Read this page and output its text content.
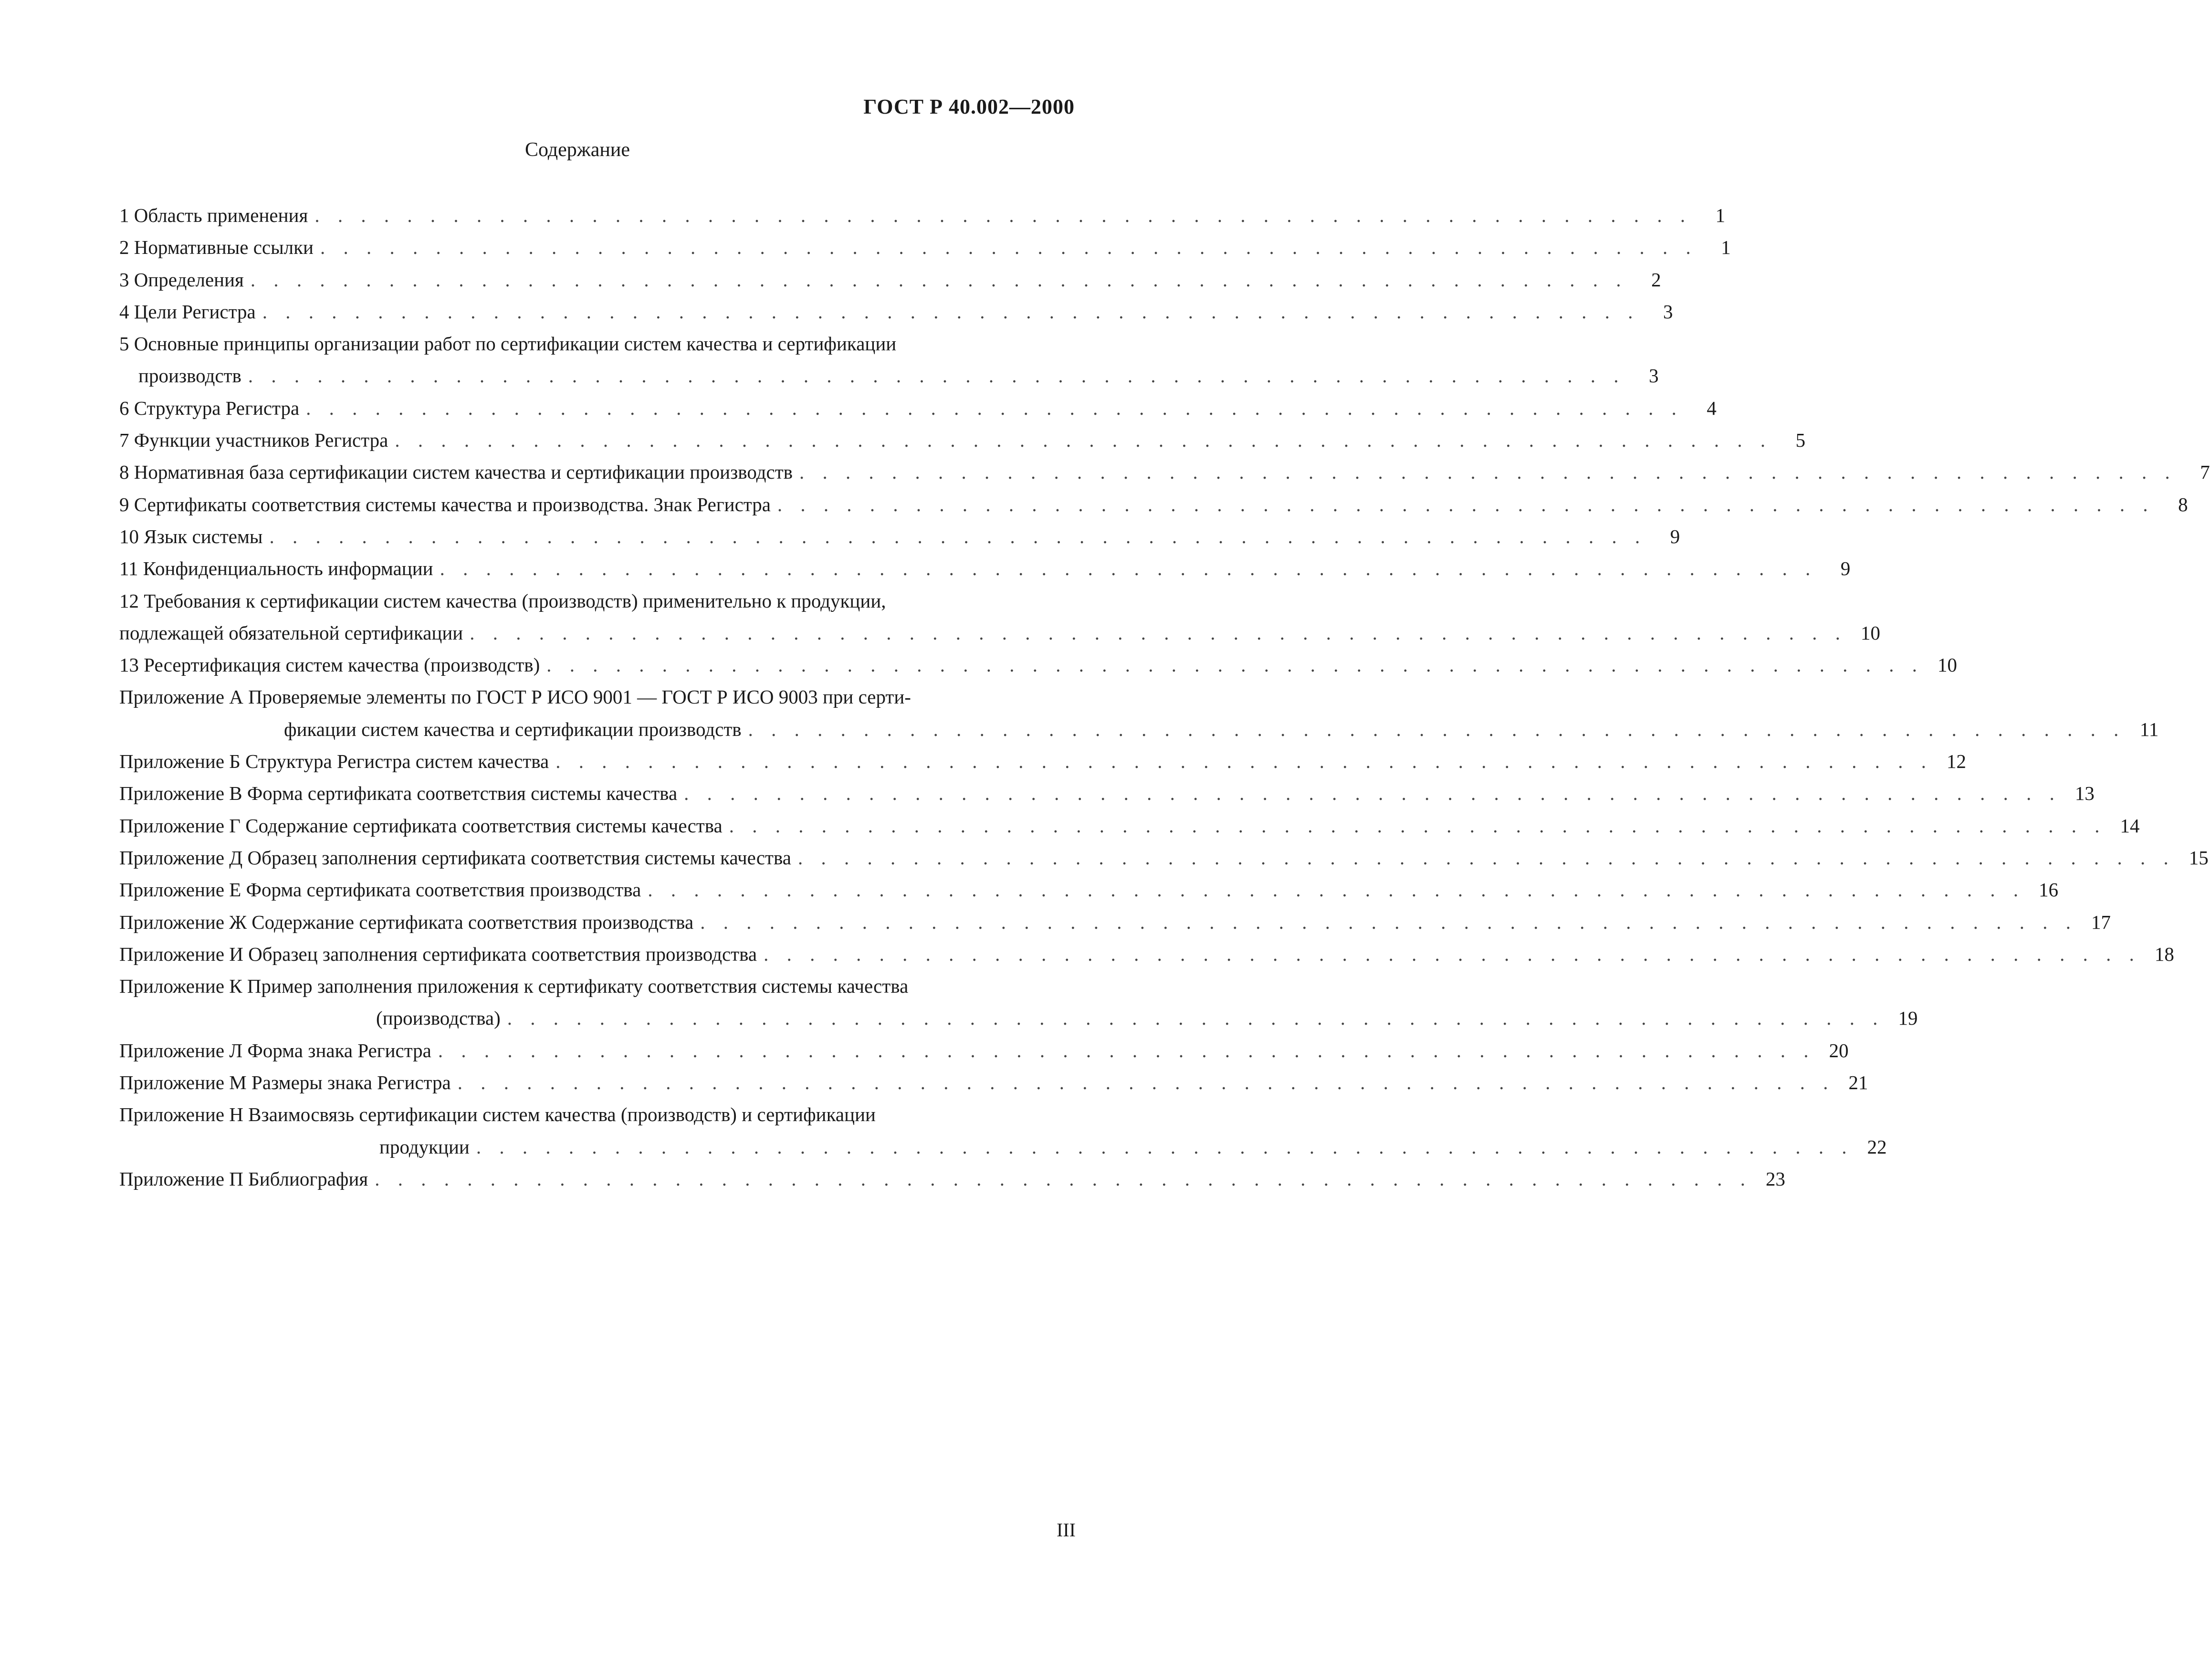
ГОСТ Р 40.002—2000
Содержание
1 Область применения . . . . . . . . . . . . . . . . . . . . . . . . . . . . . . . . . . . . . . . . . . . . . . . . . . . . . . . . . . . .	1
2 Нормативные ссылки . . . . . . . . . . . . . . . . . . . . . . . . . . . . . . . . . . . . . . . . . . . . . . . . . . . . . . . . . . . .	1
3 Определения . . . . . . . . . . . . . . . . . . . . . . . . . . . . . . . . . . . . . . . . . . . . . . . . . . . . . . . . . . . .	2
4 Цели Регистра . . . . . . . . . . . . . . . . . . . . . . . . . . . . . . . . . . . . . . . . . . . . . . . . . . . . . . . . . . . .	3
5 Основные принципы организации работ по сертификации систем качества и сертификации
производств . . . . . . . . . . . . . . . . . . . . . . . . . . . . . . . . . . . . . . . . . . . . . . . . . . . . . . . . . . . .	3
6 Структура Регистра . . . . . . . . . . . . . . . . . . . . . . . . . . . . . . . . . . . . . . . . . . . . . . . . . . . . . . . . . . . .	4
7 Функции участников Регистра . . . . . . . . . . . . . . . . . . . . . . . . . . . . . . . . . . . . . . . . . . . . . . . . . . . . . . . . . . . .	5
8 Нормативная база сертификации систем качества и сертификации производств . . . . . . . . . . . . . . . . . . . . . . . . . . . . . . . . . . . . . . . . . . . . . . . . . . . . . . . . . . . .	7
9 Сертификаты соответствия системы качества и производства. Знак Регистра . . . . . . . . . . . . . . . . . . . . . . . . . . . . . . . . . . . . . . . . . . . . . . . . . . . . . . . . . . . .	8
10 Язык системы . . . . . . . . . . . . . . . . . . . . . . . . . . . . . . . . . . . . . . . . . . . . . . . . . . . . . . . . . . . .	9
11 Конфиденциальность информации . . . . . . . . . . . . . . . . . . . . . . . . . . . . . . . . . . . . . . . . . . . . . . . . . . . . . . . . . . . .	9
12 Требования к сертификации систем качества (производств) применительно к продукции,
подлежащей обязательной сертификации . . . . . . . . . . . . . . . . . . . . . . . . . . . . . . . . . . . . . . . . . . . . . . . . . . . . . . . . . . . . 10
13 Ресертификация систем качества (производств) . . . . . . . . . . . . . . . . . . . . . . . . . . . . . . . . . . . . . . . . . . . . . . . . . . . . . . . . . . . . 10
Приложение А Проверяемые элементы по ГОСТ Р ИСО 9001 — ГОСТ Р ИСО 9003 при серти-
фикации систем качества и сертификации производств . . . . . . . . . . . . . . . . . . . . . . . . . . . . . . . . . . . . . . . . . . . . . . . . . . . . . . . . . . . . 11
Приложение Б Структура Регистра систем качества . . . . . . . . . . . . . . . . . . . . . . . . . . . . . . . . . . . . . . . . . . . . . . . . . . . . . . . . . . . . 12
Приложение В Форма сертификата соответствия системы качества . . . . . . . . . . . . . . . . . . . . . . . . . . . . . . . . . . . . . . . . . . . . . . . . . . . . . . . . . . . . 13
Приложение Г Содержание сертификата соответствия системы качества . . . . . . . . . . . . . . . . . . . . . . . . . . . . . . . . . . . . . . . . . . . . . . . . . . . . . . . . . . . . 14
Приложение Д Образец заполнения сертификата соответствия системы качества . . . . . . . . . . . . . . . . . . . . . . . . . . . . . . . . . . . . . . . . . . . . . . . . . . . . . . . . . . . . 15
Приложение Е Форма сертификата соответствия производства . . . . . . . . . . . . . . . . . . . . . . . . . . . . . . . . . . . . . . . . . . . . . . . . . . . . . . . . . . . . 16
Приложение Ж Содержание сертификата соответствия производства . . . . . . . . . . . . . . . . . . . . . . . . . . . . . . . . . . . . . . . . . . . . . . . . . . . . . . . . . . . . 17
Приложение И Образец заполнения сертификата соответствия производства . . . . . . . . . . . . . . . . . . . . . . . . . . . . . . . . . . . . . . . . . . . . . . . . . . . . . . . . . . . . 18
Приложение К Пример заполнения приложения к сертификату соответствия системы качества
(производства) . . . . . . . . . . . . . . . . . . . . . . . . . . . . . . . . . . . . . . . . . . . . . . . . . . . . . . . . . . . . 19
Приложение Л Форма знака Регистра . . . . . . . . . . . . . . . . . . . . . . . . . . . . . . . . . . . . . . . . . . . . . . . . . . . . . . . . . . . . 20
Приложение М Размеры знака Регистра . . . . . . . . . . . . . . . . . . . . . . . . . . . . . . . . . . . . . . . . . . . . . . . . . . . . . . . . . . . . 21
Приложение Н Взаимосвязь сертификации систем качества (производств) и сертификации
продукции . . . . . . . . . . . . . . . . . . . . . . . . . . . . . . . . . . . . . . . . . . . . . . . . . . . . . . . . . . . . 22
Приложение П Библиография . . . . . . . . . . . . . . . . . . . . . . . . . . . . . . . . . . . . . . . . . . . . . . . . . . . . . . . . . . . . 23
III
